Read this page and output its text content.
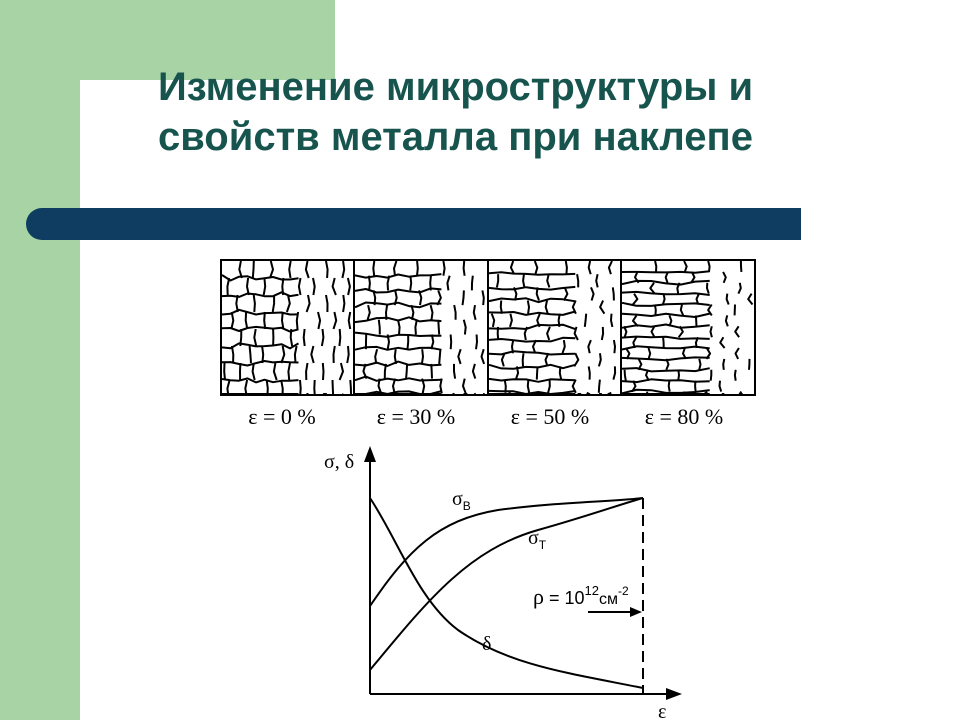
Изменение микроструктуры и
свойств металла при наклепе
ε = 0 %	ε = 30 %	ε = 50 %	ε = 80 %
σ, δ
ε
$\sigma_В$
$\sigma_Т$
δ
$\rho = 10^{12}см^{-2}$
